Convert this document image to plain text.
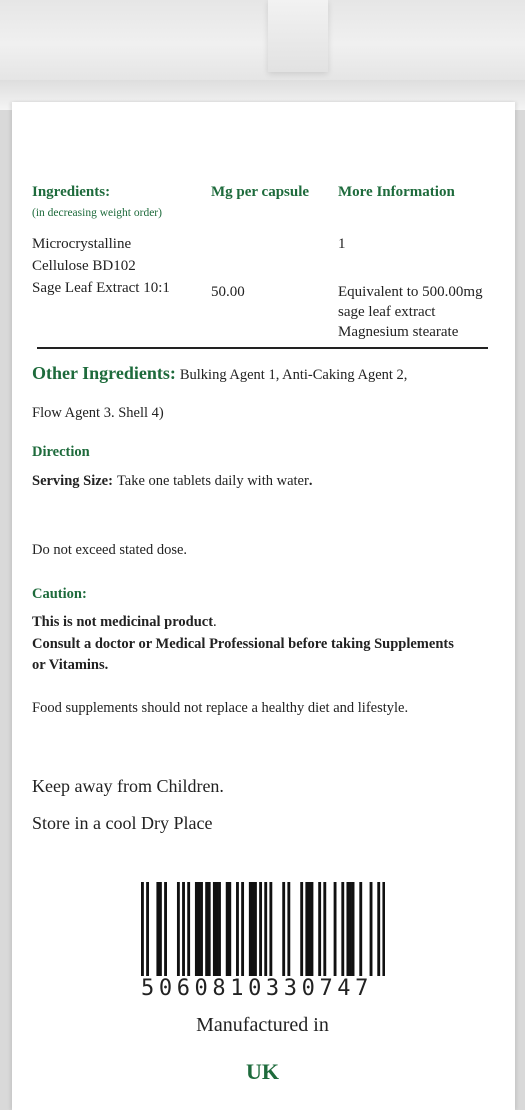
Ingredients:
(in decreasing weight order)
Mg per capsule More Information
Microcrystalline
Cellulose BD102
1
Sage Leaf Extract 10:1	50.00	Equivalent to 500.00mg
sage leaf extract
Magnesium stearate
Other Ingredients: Bulking Agent 1, Anti-Caking Agent 2,
Flow Agent 3. Shell 4)
Direction
Serving Size: Take one tablets daily with water.
Do not exceed stated dose.
Caution:
This is not medicinal product.
Consult a doctor or Medical Professional before taking Supplements
or Vitamins.
Food supplements should not replace a healthy diet and lifestyle.
Keep away from Children.
Store in a cool Dry Place
5060810330747
Manufactured in
UK
